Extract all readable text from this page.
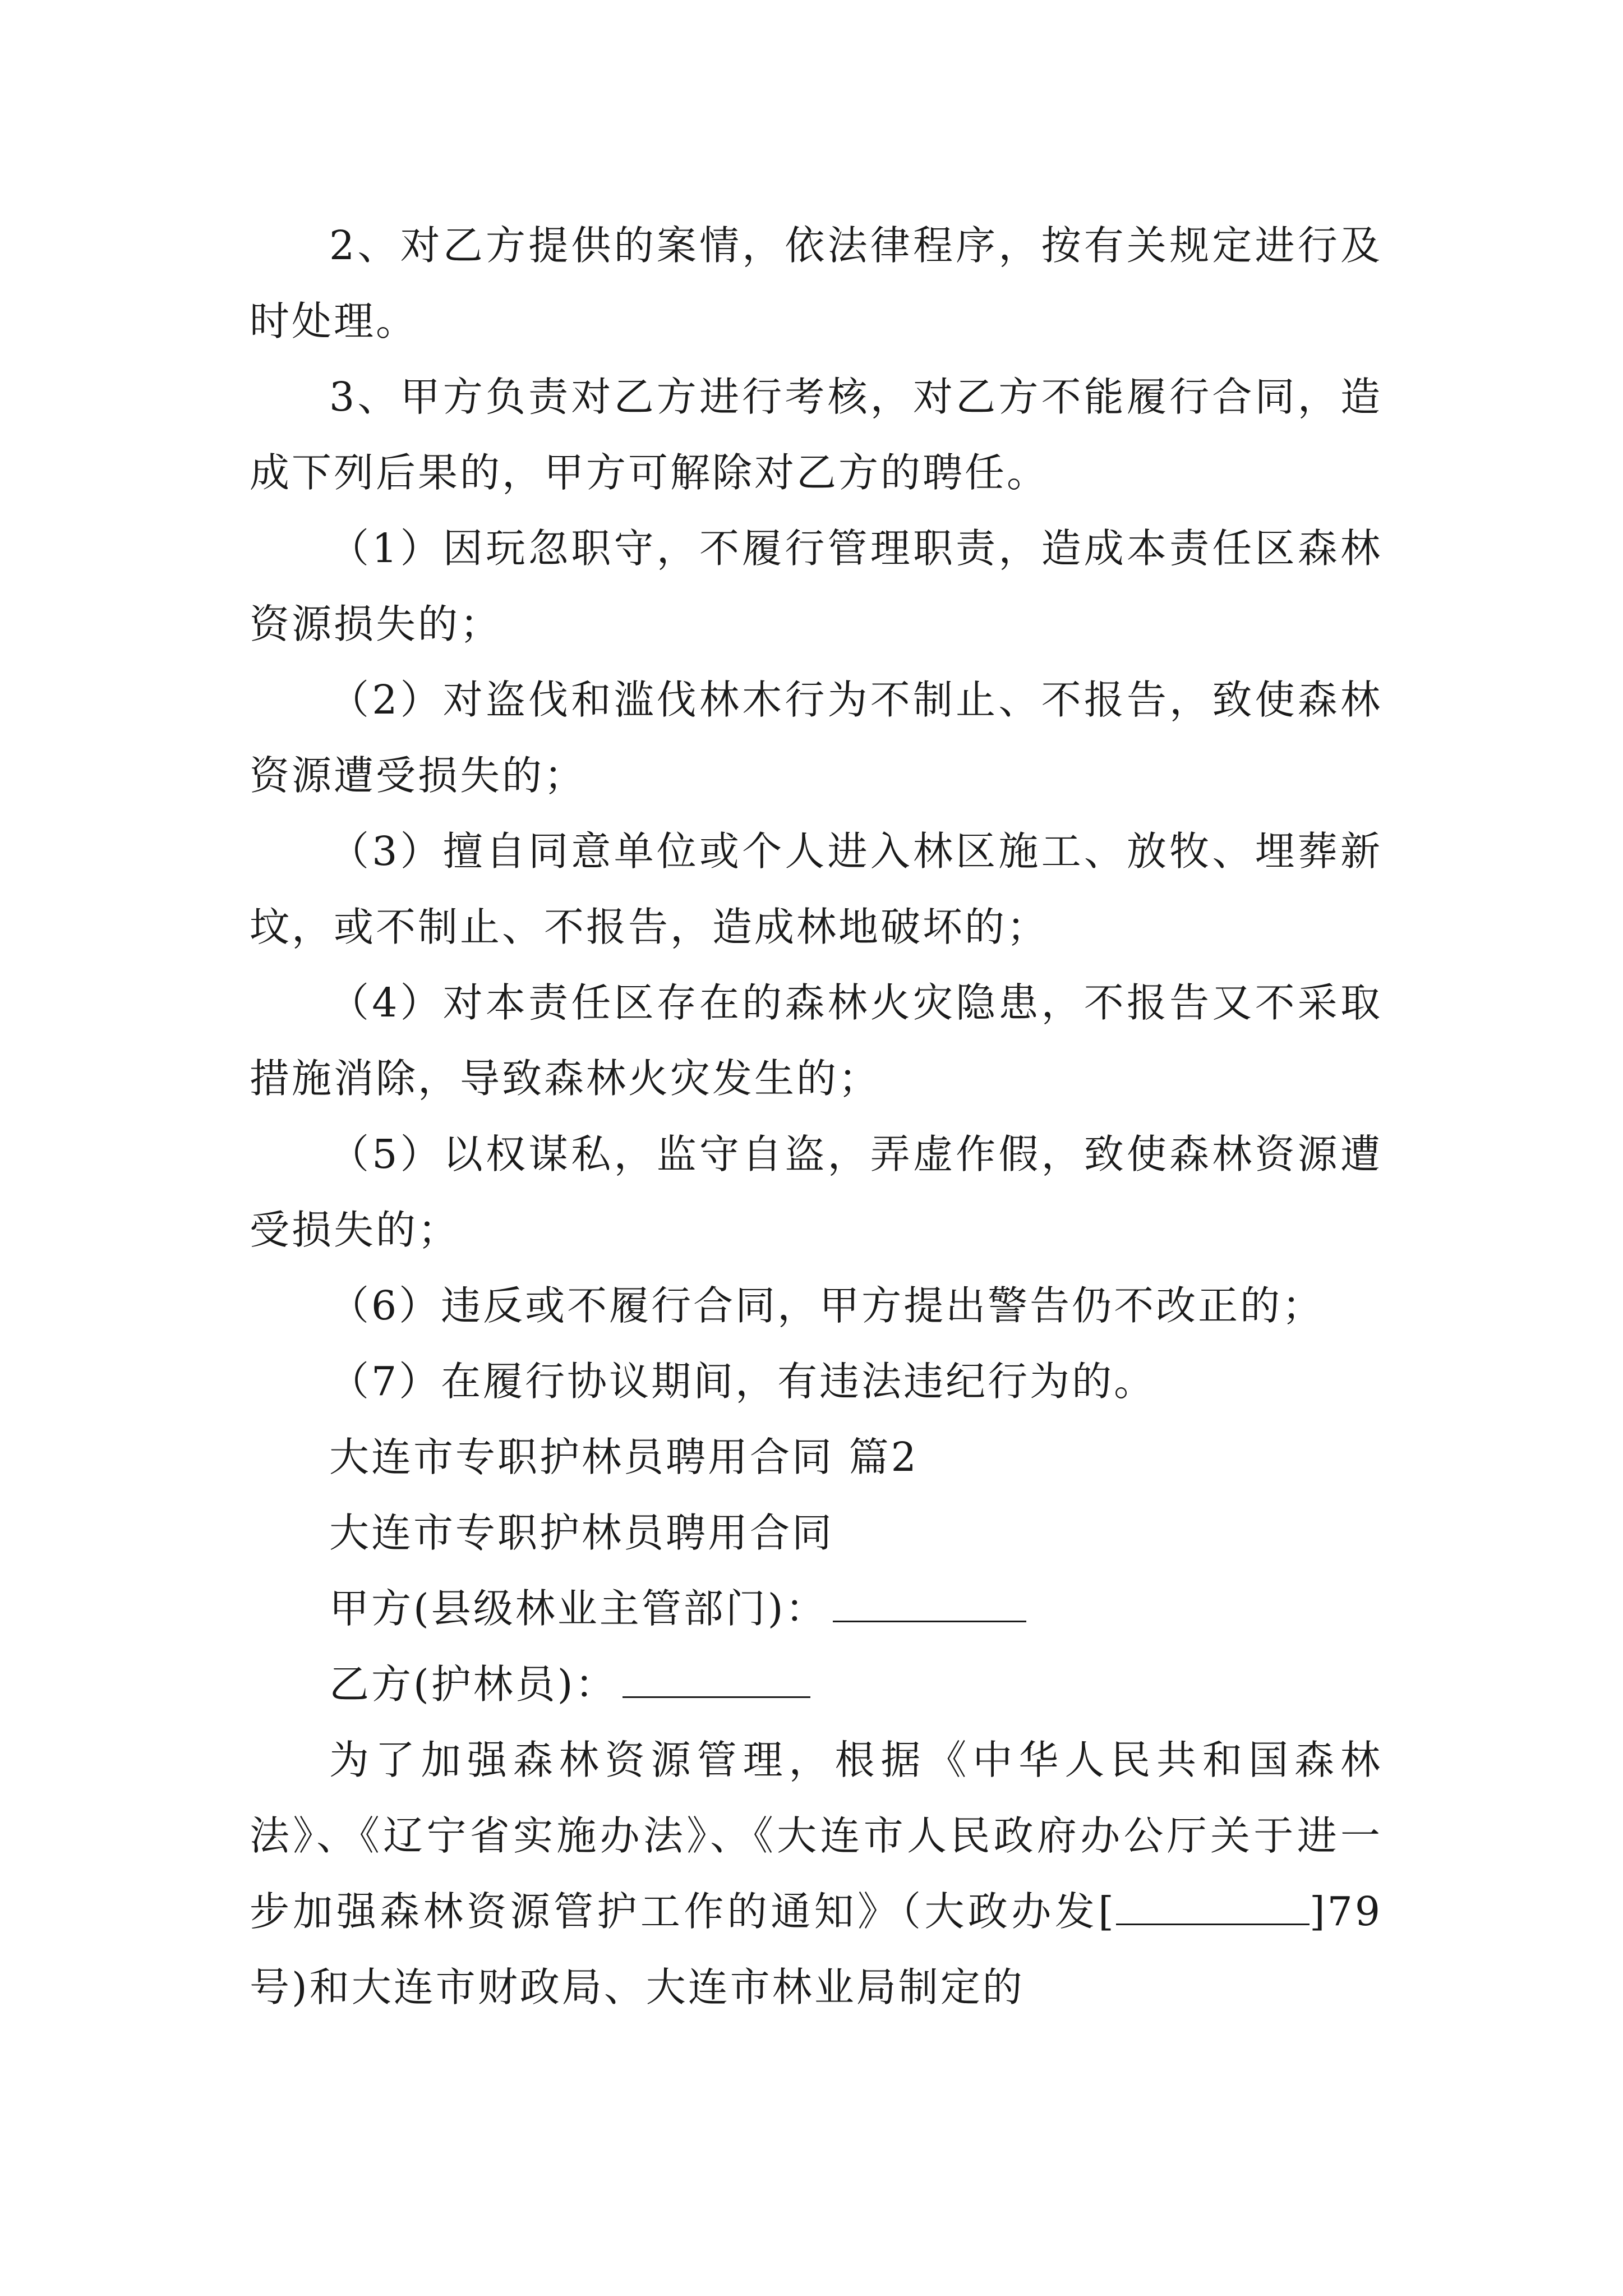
2、对乙方提供的案情，依法律程序，按有关规定进行及时处理。

3、甲方负责对乙方进行考核，对乙方不能履行合同，造成下列后果的，甲方可解除对乙方的聘任。

（1）因玩忽职守，不履行管理职责，造成本责任区森林资源损失的；

（2）对盗伐和滥伐林木行为不制止、不报告，致使森林资源遭受损失的；

（3）擅自同意单位或个人进入林区施工、放牧、埋葬新坟，或不制止、不报告，造成林地破坏的；

（4）对本责任区存在的森林火灾隐患，不报告又不采取措施消除，导致森林火灾发生的；

（5）以权谋私，监守自盗，弄虚作假，致使森林资源遭受损失的；

（6）违反或不履行合同，甲方提出警告仍不改正的；

（7）在履行协议期间，有违法违纪行为的。

大连市专职护林员聘用合同 篇2

大连市专职护林员聘用合同

甲方(县级林业主管部门)：

乙方(护林员)：

为了加强森林资源管理，根据《中华人民共和国森林法》、《辽宁省实施办法》、《大连市人民政府办公厅关于进一步加强森林资源管护工作的通知》（大政办发[	]79号)和大连市财政局、大连市林业局制定的
